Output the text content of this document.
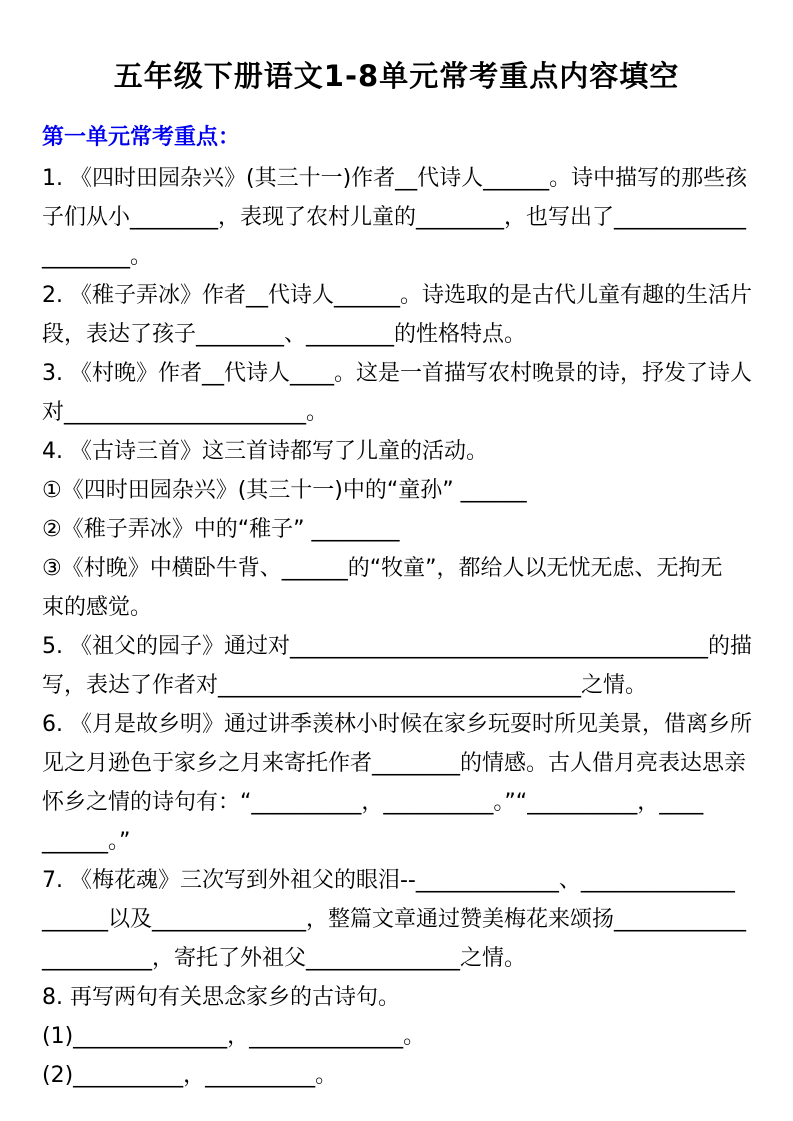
五年级下册语文1-8单元常考重点内容填空
第一单元常考重点：
1. 《四时田园杂兴》(其三十一)作者__代诗人______。诗中描写的那些孩
子们从小________，表现了农村儿童的________，也写出了____________
________。
2. 《稚子弄冰》作者__代诗人______。诗选取的是古代儿童有趣的生活片
段，表达了孩子________、________的性格特点。
3. 《村晚》作者__代诗人____。这是一首描写农村晚景的诗，抒发了诗人
对______________________。
4. 《古诗三首》这三首诗都写了儿童的活动。
①《四时田园杂兴》(其三十一)中的“童孙” ______
②《稚子弄冰》中的“稚子” ________
③《村晚》中横卧牛背、______的“牧童”，都给人以无忧无虑、无拘无
束的感觉。
5. 《祖父的园子》通过对______________________________________的描
写，表达了作者对_________________________________之情。
6. 《月是故乡明》通过讲季羡林小时候在家乡玩耍时所见美景，借离乡所
见之月逊色于家乡之月来寄托作者________的情感。古人借月亮表达思亲
怀乡之情的诗句有：“__________，__________。”“__________，____
______。”
7. 《梅花魂》三次写到外祖父的眼泪--_____________、______________
______以及______________，整篇文章通过赞美梅花来颂扬____________
__________，寄托了外祖父______________之情。
8. 再写两句有关思念家乡的古诗句。
(1)______________，______________。
(2)__________，__________。
